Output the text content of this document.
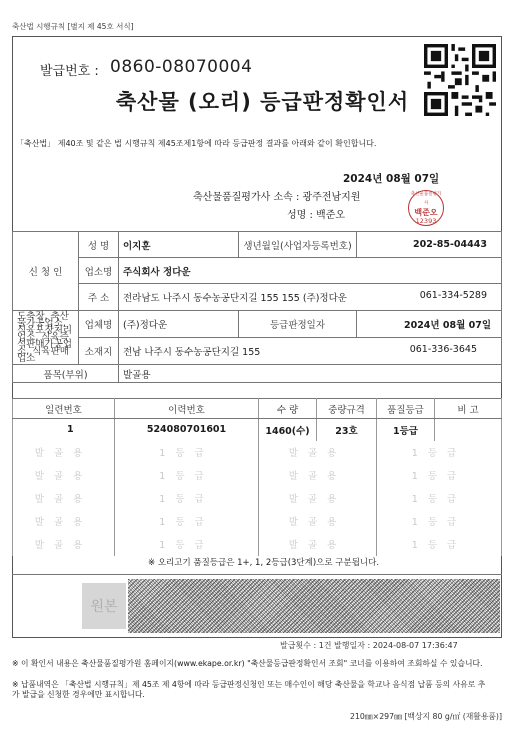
축산법 시행규칙 [별지 제 45호 서식]
발급번호 : 0860-08070004
축산물 (오리) 등급판정확인서
「축산법」 제40조 및 같은 법 시행규칙 제45조제1항에 따라 등급판정 결과를 아래와 같이 확인합니다.
2024년 08월 07일
축산물품질평가사 소속 : 광주전남지원
성명 : 백준오
축산물품질평가사
백준오
12393
신 청 인	성 명	이지훈	생년월일(사업자등록번호)	202-85-04443
	업소명	주식회사 정다운		
	주 소	전라남도 나주시 동수농공단지길 155 155 (주)정다운 061-334-5289		

도축장, 축산물가공업소, 식육포장처리업소, 식육즉석판매가공업소, 식육판매업소	업체명	(주)정다운	등급판정일자	2024년 08월 07일
	소재지	전남 나주시 동수농공단지길 155 061-336-3645		

품목(부위)		발골용		
일련번호	이력번호	수 량	중량규격	품질등급	비 고
1	524080701601	1460(수)	23호	1등급	
발골용	1등급	발골용		1등급	
발골용	1등급	발골용		1등급	
발골용	1등급	발골용		1등급	
발골용	1등급	발골용		1등급	
발골용	1등급	발골용		1등급	
※ 오리고기 품질등급은 1+, 1, 2등급(3단계)으로 구분됩니다.
원본
발급횟수 : 1건 발행일자 : 2024-08-07 17:36:47
※ 이 확인서 내용은 축산물품질평가원 홈페이지(www.ekape.or.kr) "축산물등급판정확인서 조회" 코너를 이용하여 조회하실 수 있습니다.
※ 납품내역은 「축산법 시행규칙」제 45조 제 4항에 따라 등급판정신청인 또는 매수인이 해당 축산물을 학교나 음식점 납품 등의 사유로 추가 발급을 신청한 경우에만 표시합니다.
210㎜×297㎜ [백상지 80 g/㎡ (재활용품)]
